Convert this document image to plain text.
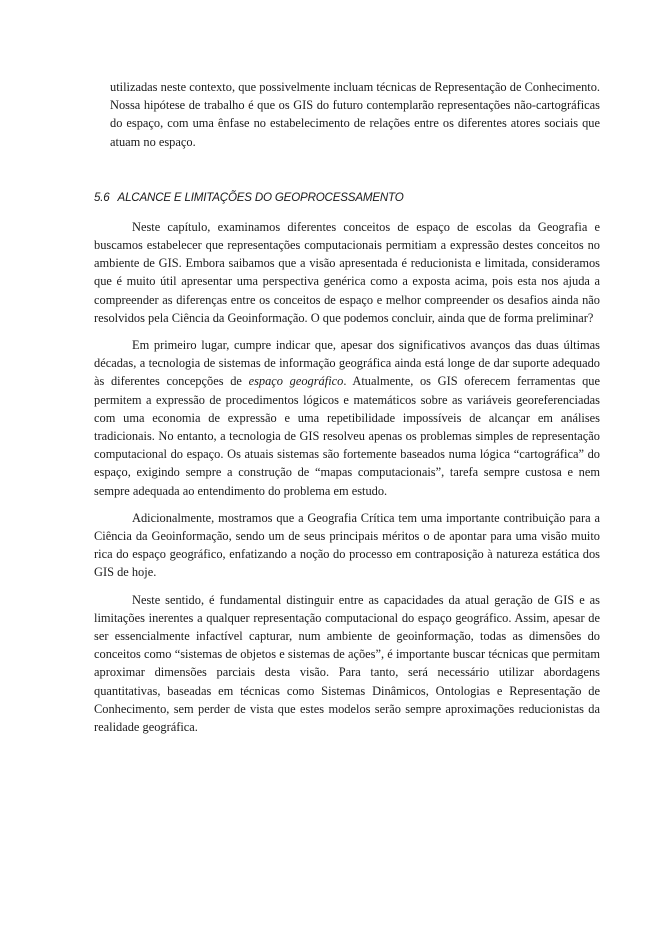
utilizadas neste contexto, que possivelmente incluam técnicas de Representação de Conhecimento. Nossa hipótese de trabalho é que os GIS do futuro contemplarão representações não-cartográficas do espaço, com uma ênfase no estabelecimento de relações entre os diferentes atores sociais que atuam no espaço.

5.6 ALCANCE E LIMITAÇÕES DO GEOPROCESSAMENTO

Neste capítulo, examinamos diferentes conceitos de espaço de escolas da Geografia e buscamos estabelecer que representações computacionais permitiam a expressão destes conceitos no ambiente de GIS. Embora saibamos que a visão apresentada é reducionista e limitada, consideramos que é muito útil apresentar uma perspectiva genérica como a exposta acima, pois esta nos ajuda a compreender as diferenças entre os conceitos de espaço e melhor compreender os desafios ainda não resolvidos pela Ciência da Geoinformação. O que podemos concluir, ainda que de forma preliminar?

Em primeiro lugar, cumpre indicar que, apesar dos significativos avanços das duas últimas décadas, a tecnologia de sistemas de informação geográfica ainda está longe de dar suporte adequado às diferentes concepções de espaço geográfico. Atualmente, os GIS oferecem ferramentas que permitem a expressão de procedimentos lógicos e matemáticos sobre as variáveis georeferenciadas com uma economia de expressão e uma repetibilidade impossíveis de alcançar em análises tradicionais. No entanto, a tecnologia de GIS resolveu apenas os problemas simples de representação computacional do espaço. Os atuais sistemas são fortemente baseados numa lógica “cartográfica” do espaço, exigindo sempre a construção de “mapas computacionais”, tarefa sempre custosa e nem sempre adequada ao entendimento do problema em estudo.

Adicionalmente, mostramos que a Geografia Crítica tem uma importante contribuição para a Ciência da Geoinformação, sendo um de seus principais méritos o de apontar para uma visão muito rica do espaço geográfico, enfatizando a noção do processo em contraposição à natureza estática dos GIS de hoje.

Neste sentido, é fundamental distinguir entre as capacidades da atual geração de GIS e as limitações inerentes a qualquer representação computacional do espaço geográfico. Assim, apesar de ser essencialmente infactível capturar, num ambiente de geoinformação, todas as dimensões do conceitos como “sistemas de objetos e sistemas de ações”, é importante buscar técnicas que permitam aproximar dimensões parciais desta visão. Para tanto, será necessário utilizar abordagens quantitativas, baseadas em técnicas como Sistemas Dinâmicos, Ontologias e Representação de Conhecimento, sem perder de vista que estes modelos serão sempre aproximações reducionistas da realidade geográfica.
